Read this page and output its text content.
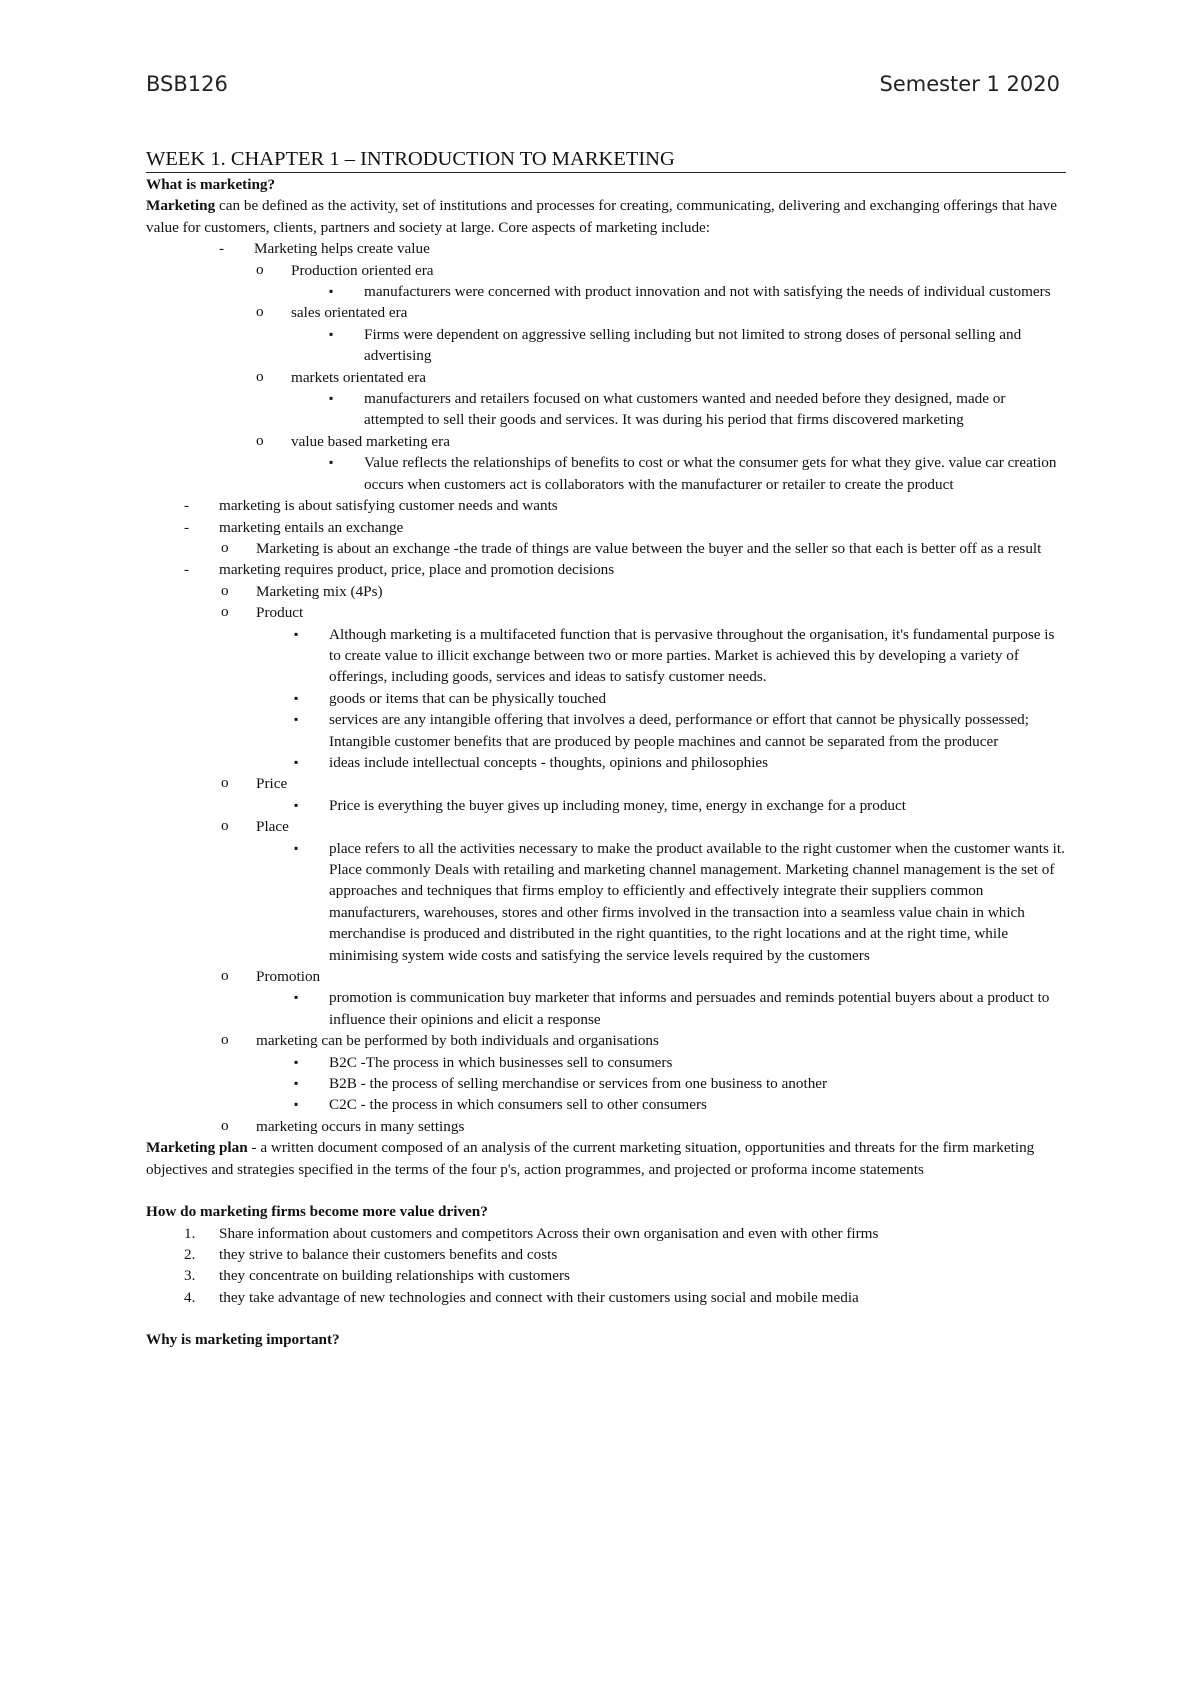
BSB126	Semester 1 2020
WEEK 1. CHAPTER 1 – INTRODUCTION TO MARKETING

What is marketing?

Marketing can be defined as the activity, set of institutions and processes for creating, communicating, delivering and exchanging offerings that have value for customers, clients, partners and society at large. Core aspects of marketing include:

- Marketing helps create value
o Production oriented era
▪ manufacturers were concerned with product innovation and not with satisfying the needs of individual customers
o sales orientated era
▪ Firms were dependent on aggressive selling including but not limited to strong doses of personal selling and advertising
o markets orientated era
▪ manufacturers and retailers focused on what customers wanted and needed before they designed, made or attempted to sell their goods and services. It was during his period that firms discovered marketing
o value based marketing era
▪ Value reflects the relationships of benefits to cost or what the consumer gets for what they give. value car creation occurs when customers act is collaborators with the manufacturer or retailer to create the product
- marketing is about satisfying customer needs and wants
- marketing entails an exchange
o Marketing is about an exchange -the trade of things are value between the buyer and the seller so that each is better off as a result
- marketing requires product, price, place and promotion decisions
o Marketing mix (4Ps)
o Product
▪ Although marketing is a multifaceted function that is pervasive throughout the organisation, it's fundamental purpose is to create value to illicit exchange between two or more parties. Market is achieved this by developing a variety of offerings, including goods, services and ideas to satisfy customer needs.
▪ goods or items that can be physically touched
▪ services are any intangible offering that involves a deed, performance or effort that cannot be physically possessed; Intangible customer benefits that are produced by people machines and cannot be separated from the producer
▪ ideas include intellectual concepts - thoughts, opinions and philosophies
o Price
▪ Price is everything the buyer gives up including money, time, energy in exchange for a product
o Place
▪ place refers to all the activities necessary to make the product available to the right customer when the customer wants it. Place commonly Deals with retailing and marketing channel management. Marketing channel management is the set of approaches and techniques that firms employ to efficiently and effectively integrate their suppliers common manufacturers, warehouses, stores and other firms involved in the transaction into a seamless value chain in which merchandise is produced and distributed in the right quantities, to the right locations and at the right time, while minimising system wide costs and satisfying the service levels required by the customers
o Promotion
▪ promotion is communication buy marketer that informs and persuades and reminds potential buyers about a product to influence their opinions and elicit a response
o marketing can be performed by both individuals and organisations
▪ B2C -The process in which businesses sell to consumers
▪ B2B - the process of selling merchandise or services from one business to another
▪ C2C - the process in which consumers sell to other consumers
o marketing occurs in many settings

Marketing plan - a written document composed of an analysis of the current marketing situation, opportunities and threats for the firm marketing objectives and strategies specified in the terms of the four p's, action programmes, and projected or proforma income statements

How do marketing firms become more value driven?

1. Share information about customers and competitors Across their own organisation and even with other firms
2. they strive to balance their customers benefits and costs
3. they concentrate on building relationships with customers
4. they take advantage of new technologies and connect with their customers using social and mobile media

Why is marketing important?
